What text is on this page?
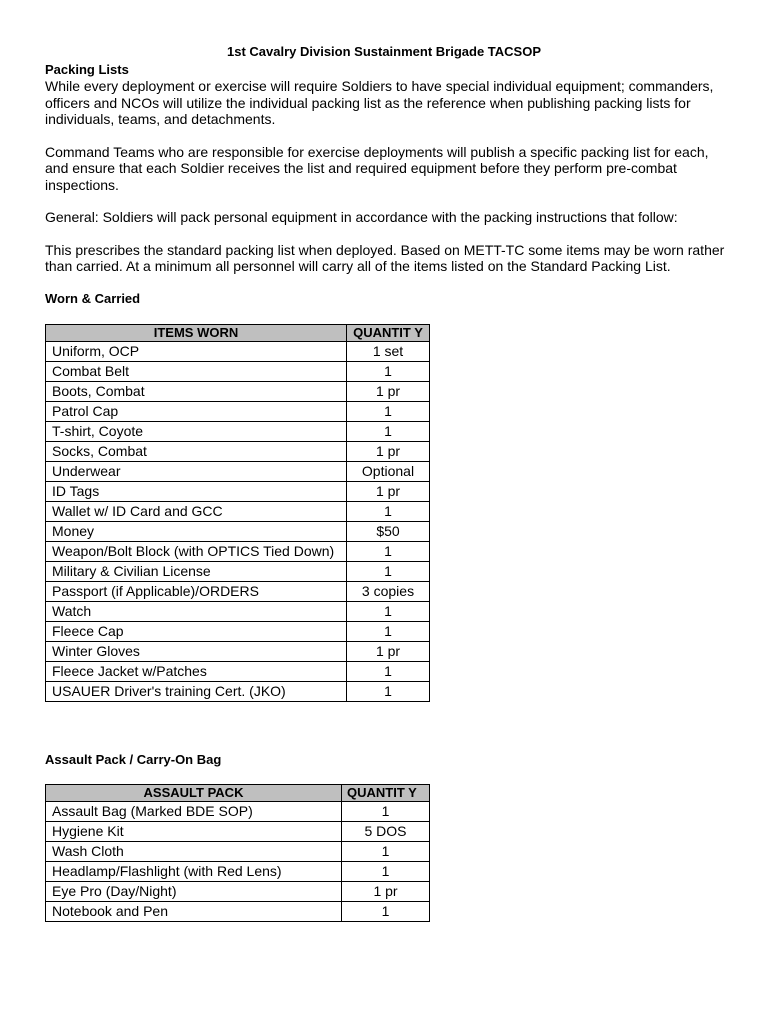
1st Cavalry Division Sustainment Brigade TACSOP
Packing Lists

While every deployment or exercise will require Soldiers to have special individual equipment; commanders, officers and NCOs will utilize the individual packing list as the reference when publishing packing lists for individuals, teams, and detachments.

Command Teams who are responsible for exercise deployments will publish a specific packing list for each, and ensure that each Soldier receives the list and required equipment before they perform pre-combat inspections.

General: Soldiers will pack personal equipment in accordance with the packing instructions that follow:

This prescribes the standard packing list when deployed. Based on METT-TC some items may be worn rather than carried. At a minimum all personnel will carry all of the items listed on the Standard Packing List.

Worn & Carried
ITEMS WORN	QUANTIT Y
Uniform, OCP	1 set
Combat Belt	1
Boots, Combat	1 pr
Patrol Cap	1
T-shirt, Coyote	1
Socks, Combat	1 pr
Underwear	Optional
ID Tags	1 pr
Wallet w/ ID Card and GCC	1
Money	$50
Weapon/Bolt Block (with OPTICS Tied Down)	1
Military & Civilian License	1
Passport (if Applicable)/ORDERS	3 copies
Watch	1
Fleece Cap	1
Winter Gloves	1 pr
Fleece Jacket w/Patches	1
USAUER Driver's training Cert. (JKO)	1
Assault Pack / Carry-On Bag
ASSAULT PACK	QUANTIT Y
Assault Bag (Marked BDE SOP)	1
Hygiene Kit	5 DOS
Wash Cloth	1
Headlamp/Flashlight (with Red Lens)	1
Eye Pro (Day/Night)	1 pr
Notebook and Pen	1
